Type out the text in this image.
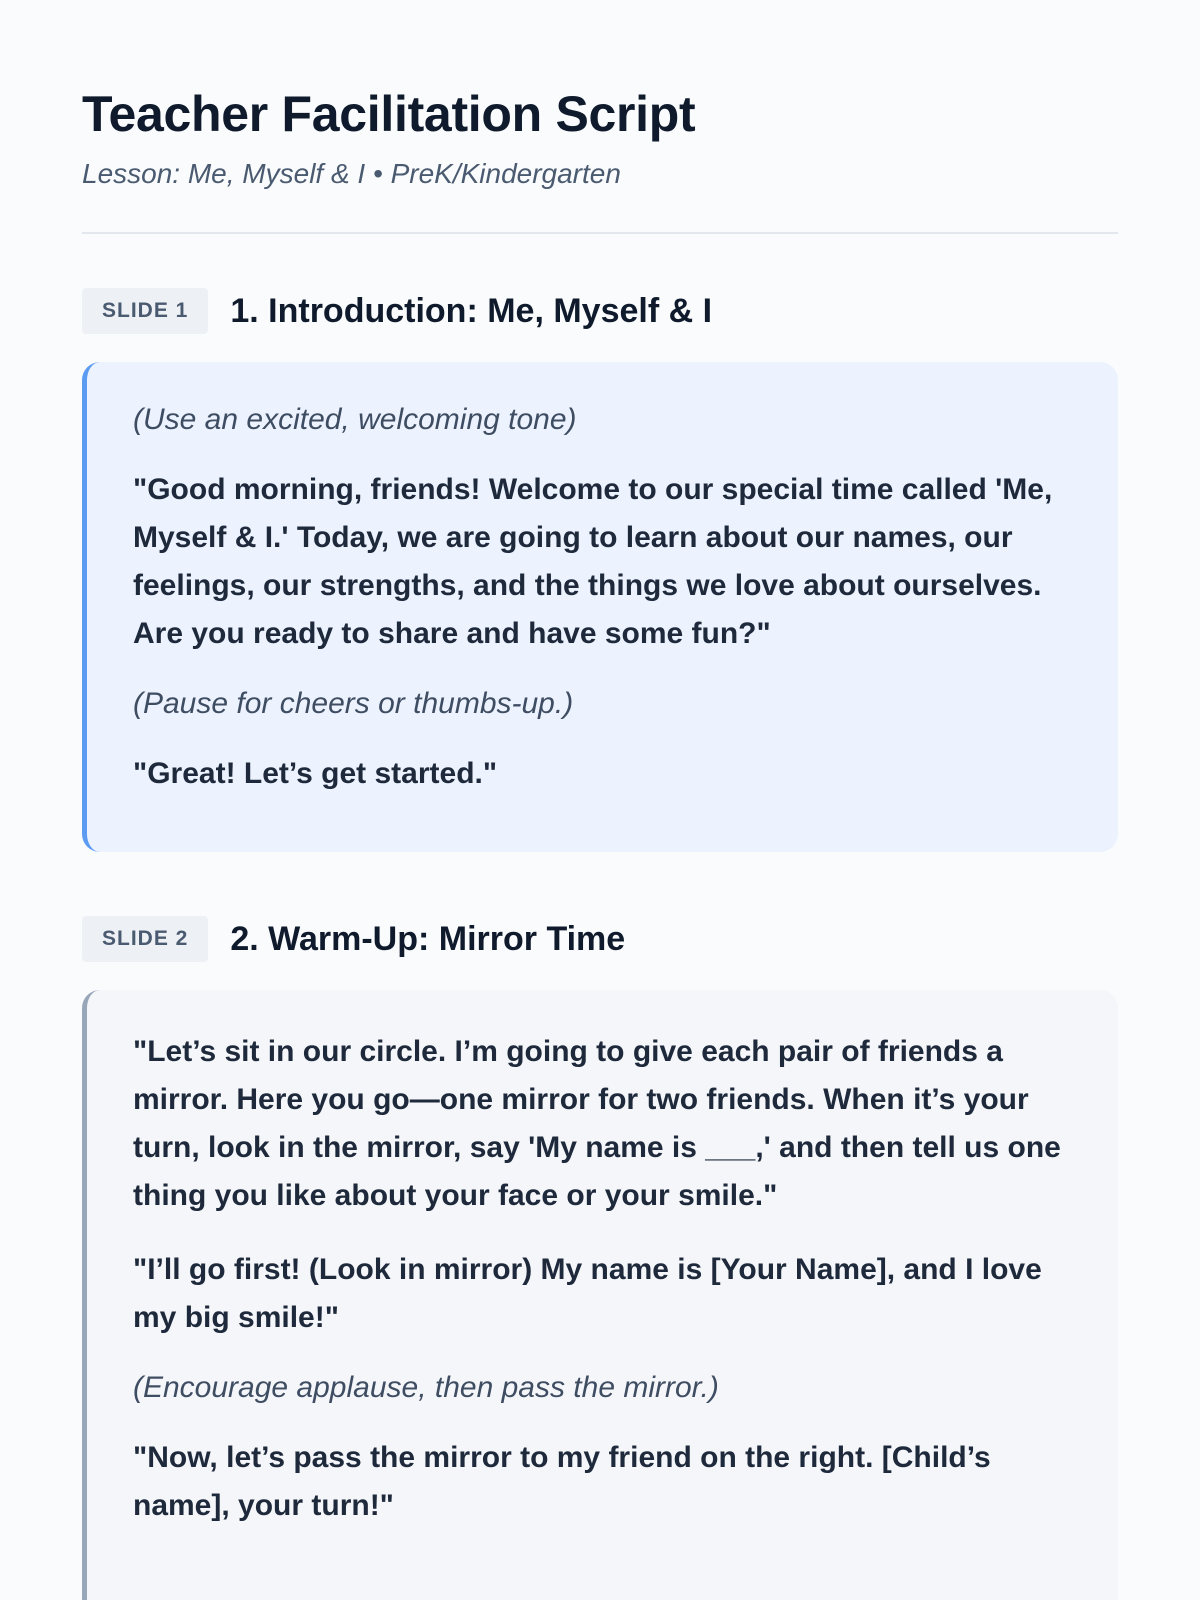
Teacher Facilitation Script

Lesson: Me, Myself & I • PreK/Kindergarten

SLIDE 1	1. Introduction: Me, Myself & I

(Use an excited, welcoming tone)

"Good morning, friends! Welcome to our special time called 'Me, Myself & I.' Today, we are going to learn about our names, our feelings, our strengths, and the things we love about ourselves. Are you ready to share and have some fun?"

(Pause for cheers or thumbs-up.)

"Great! Let’s get started."

SLIDE 2	2. Warm-Up: Mirror Time

"Let’s sit in our circle. I’m going to give each pair of friends a mirror. Here you go—one mirror for two friends. When it’s your turn, look in the mirror, say 'My name is ___,' and then tell us one thing you like about your face or your smile."

"I’ll go first! (Look in mirror) My name is [Your Name], and I love my big smile!"

(Encourage applause, then pass the mirror.)

"Now, let’s pass the mirror to my friend on the right. [Child’s name], your turn!"
